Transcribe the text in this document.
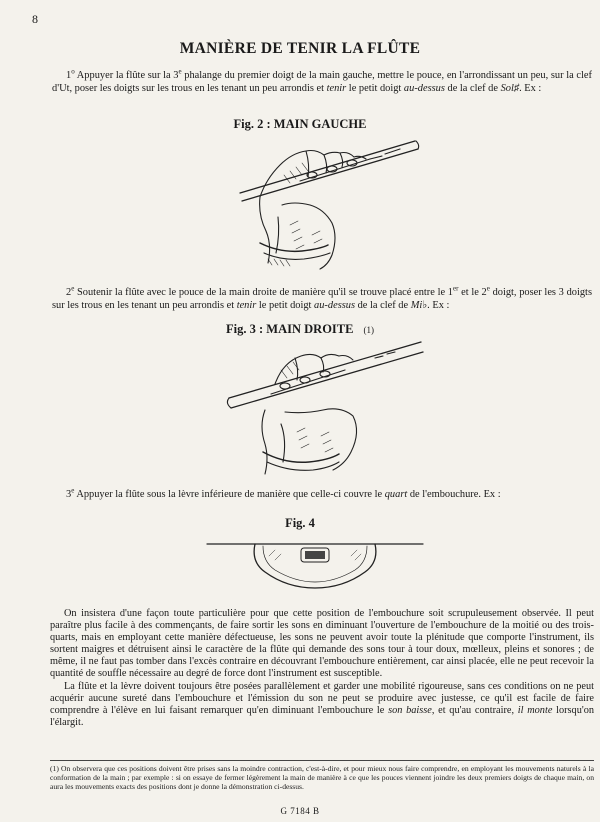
8
MANIÈRE DE TENIR LA FLÛTE
1$^o$ Appuyer la flûte sur la 3e phalange du premier doigt de la main gauche, mettre le pouce, en l'arrondissant un peu, sur la clef d'Ut, poser les doigts sur les trous en les tenant un peu arrondis et tenir le petit doigt au-dessus de la clef de Sol♯. Ex :
Fig. 2 : MAIN GAUCHE
2e Soutenir la flûte avec le pouce de la main droite de manière qu'il se trouve placé entre le 1er et le 2e doigt, poser les 3 doigts sur les trous en les tenant un peu arrondis et tenir le petit doigt au-dessus de la clef de Mi♭. Ex :
Fig. 3 : MAIN DROITE (1)
3e Appuyer la flûte sous la lèvre inférieure de manière que celle-ci couvre le quart de l'embouchure. Ex :
Fig. 4

On insistera d'une façon toute particulière pour que cette position de l'embouchure soit scrupuleusement observée. Il peut paraître plus facile à des commençants, de faire sortir les sons en diminuant l'ouverture de l'embouchure de la moitié ou des trois-quarts, mais en employant cette manière défectueuse, les sons ne peuvent avoir toute la plénitude que comporte l'instrument, ils sortent maigres et détruisent ainsi le caractère de la flûte qui demande des sons tour à tour doux, mœlleux, pleins et sonores ; de même, il ne faut pas tomber dans l'excès contraire en découvrant l'embouchure entièrement, car ainsi placée, elle ne peut recevoir la quantité de souffle nécessaire au degré de force dont l'instrument est susceptible.

La flûte et la lèvre doivent toujours être posées parallèlement et garder une mobilité rigoureuse, sans ces conditions on ne peut acquérir aucune sureté dans l'embouchure et l'émission du son ne peut se produire avec justesse, ce qu'il est facile de faire comprendre à l'élève en lui faisant remarquer qu'en diminuant l'embouchure le son baisse, et qu'au contraire, il monte lorsqu'on l'élargit.

(1) On observera que ces positions doivent être prises sans la moindre contraction, c'est-à-dire, et pour mieux nous faire comprendre, en employant les mouvements naturels à la conformation de la main ; par exemple : si on essaye de fermer légèrement la main de manière à ce que les pouces viennent joindre les deux premiers doigts de chaque main, on aura les mouvements exacts des positions dont je donne la démonstration ci-dessus.
G 7184 B
